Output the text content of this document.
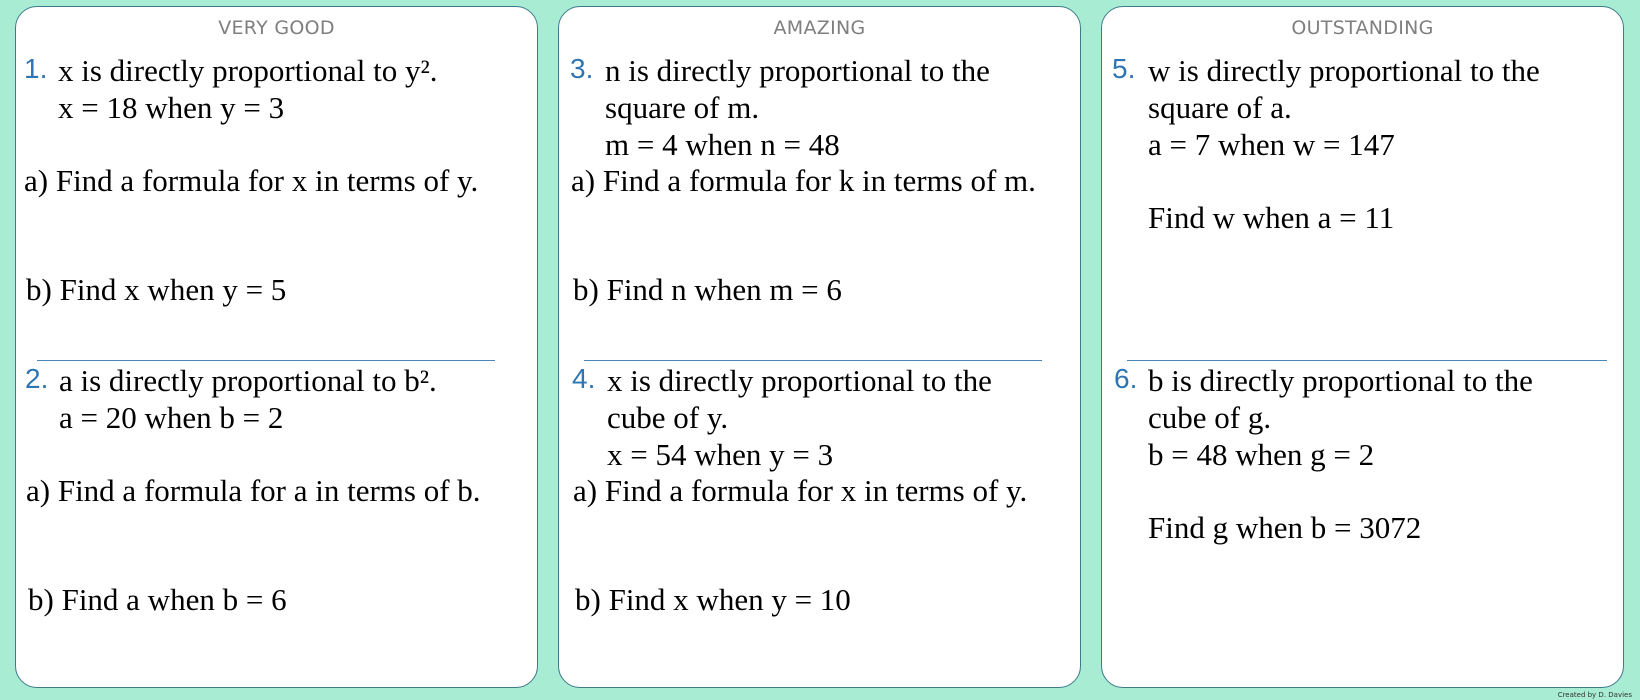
VERY GOOD
1. x is directly proportional to y².
x = 18 when y = 3
a) Find a formula for x in terms of y.
b) Find x when y = 5
2. a is directly proportional to b².
a = 20 when b = 2
a) Find a formula for a in terms of b.
b) Find a when b = 6
AMAZING
3. n is directly proportional to the
square of m.
m = 4 when n = 48
a) Find a formula for k in terms of m.
b) Find n when m = 6
4. x is directly proportional to the
cube of y.
x = 54 when y = 3
a) Find a formula for x in terms of y.
b) Find x when y = 10
OUTSTANDING
5. w is directly proportional to the
square of a.
a = 7 when w = 147
Find w when a = 11
6. b is directly proportional to the
cube of g.
b = 48 when g = 2
Find g when b = 3072
Created by D. Davies
